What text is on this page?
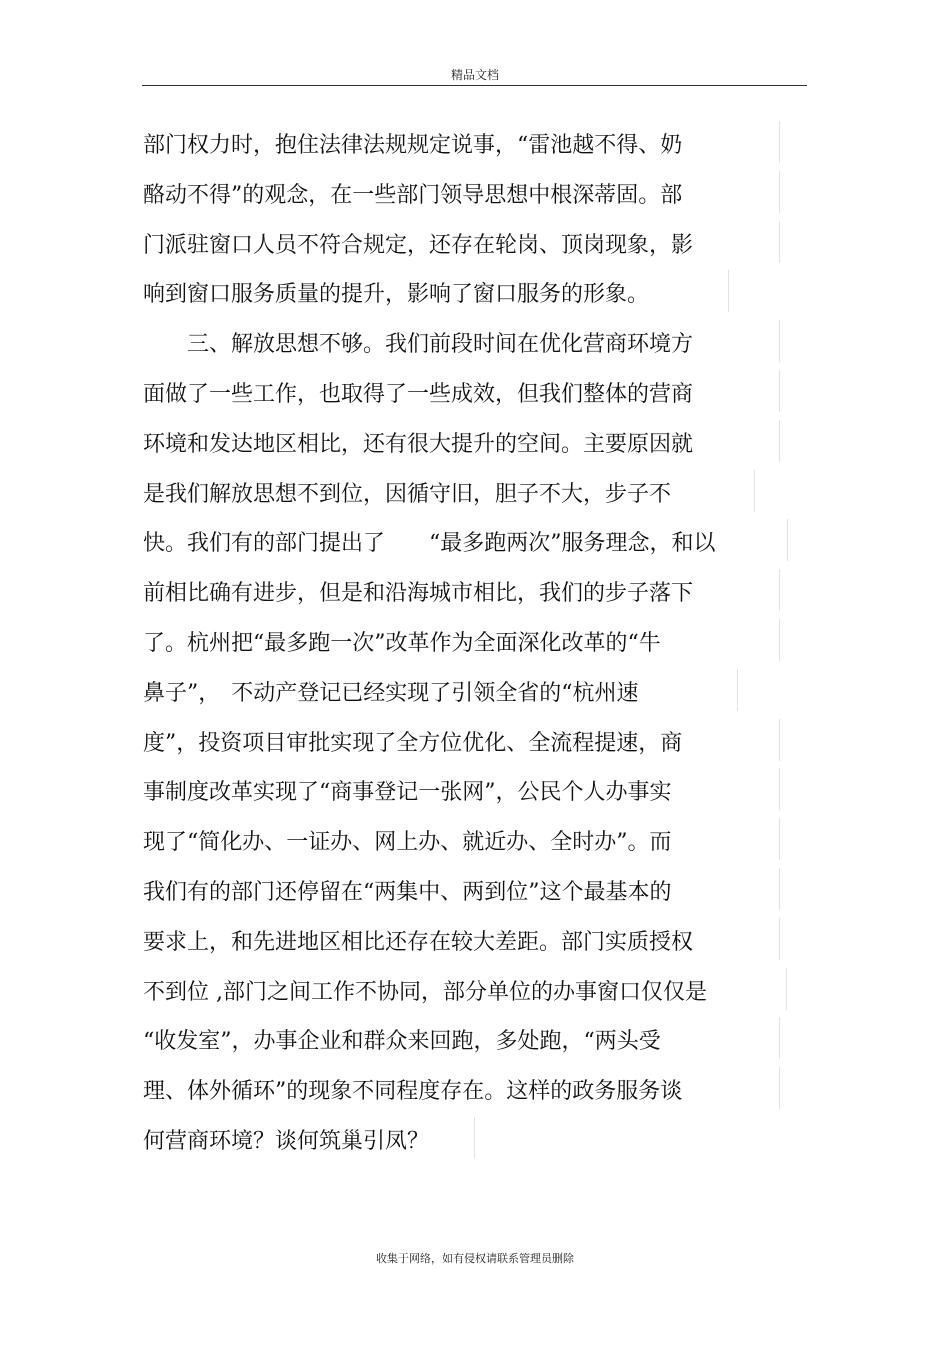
精品文档
部门权力时，抱住法律法规规定说事，“雷池越不得、奶
酪动不得”的观念，在一些部门领导思想中根深蒂固。部
门派驻窗口人员不符合规定，还存在轮岗、顶岗现象，影
响到窗口服务质量的提升，影响了窗口服务的形象。
　　三、解放思想不够。我们前段时间在优化营商环境方
面做了一些工作，也取得了一些成效，但我们整体的营商
环境和发达地区相比，还有很大提升的空间。主要原因就
是我们解放思想不到位，因循守旧，胆子不大，步子不
快。我们有的部门提出了　　“最多跑两次”服务理念，和以
前相比确有进步，但是和沿海城市相比，我们的步子落下
了。杭州把“最多跑一次”改革作为全面深化改革的“牛
鼻子”，　不动产登记已经实现了引领全省的“杭州速
度”，投资项目审批实现了全方位优化、全流程提速，商
事制度改革实现了“商事登记一张网”，公民个人办事实
现了“简化办、一证办、网上办、就近办、全时办”。而
我们有的部门还停留在“两集中、两到位”这个最基本的
要求上，和先进地区相比还存在较大差距。部门实质授权
不到位 ,部门之间工作不协同，部分单位的办事窗口仅仅是
“收发室”，办事企业和群众来回跑，多处跑，“两头受
理、体外循环”的现象不同程度存在。这样的政务服务谈
何营商环境？谈何筑巢引凤？
收集于网络，如有侵权请联系管理员删除
